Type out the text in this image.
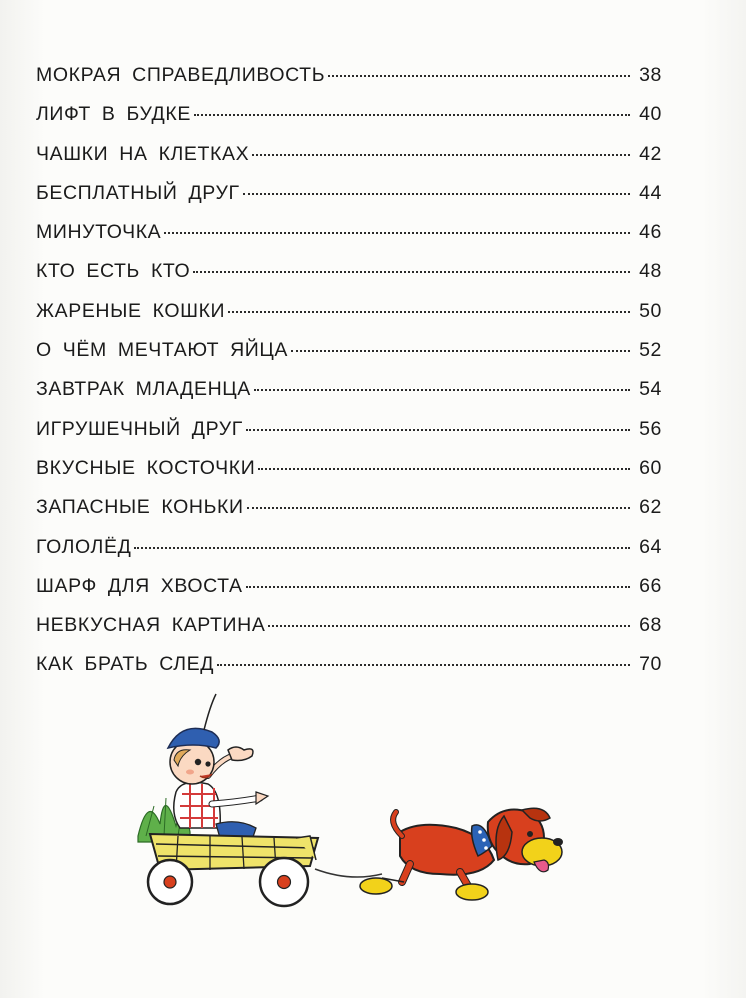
МОКРАЯ СПРАВЕДЛИВОСТЬ	38
ЛИФТ В БУДКЕ	40
ЧАШКИ НА КЛЕТКАХ	42
БЕСПЛАТНЫЙ ДРУГ	44
МИНУТОЧКА	46
КТО ЕСТЬ КТО	48
ЖАРЕНЫЕ КОШКИ	50
О ЧЁМ МЕЧТАЮТ ЯЙЦА	52
ЗАВТРАК МЛАДЕНЦА	54
ИГРУШЕЧНЫЙ ДРУГ	56
ВКУСНЫЕ КОСТОЧКИ	60
ЗАПАСНЫЕ КОНЬКИ	62
ГОЛОЛЁД	64
ШАРФ ДЛЯ ХВОСТА	66
НЕВКУСНАЯ КАРТИНА	68
КАК БРАТЬ СЛЕД	70
